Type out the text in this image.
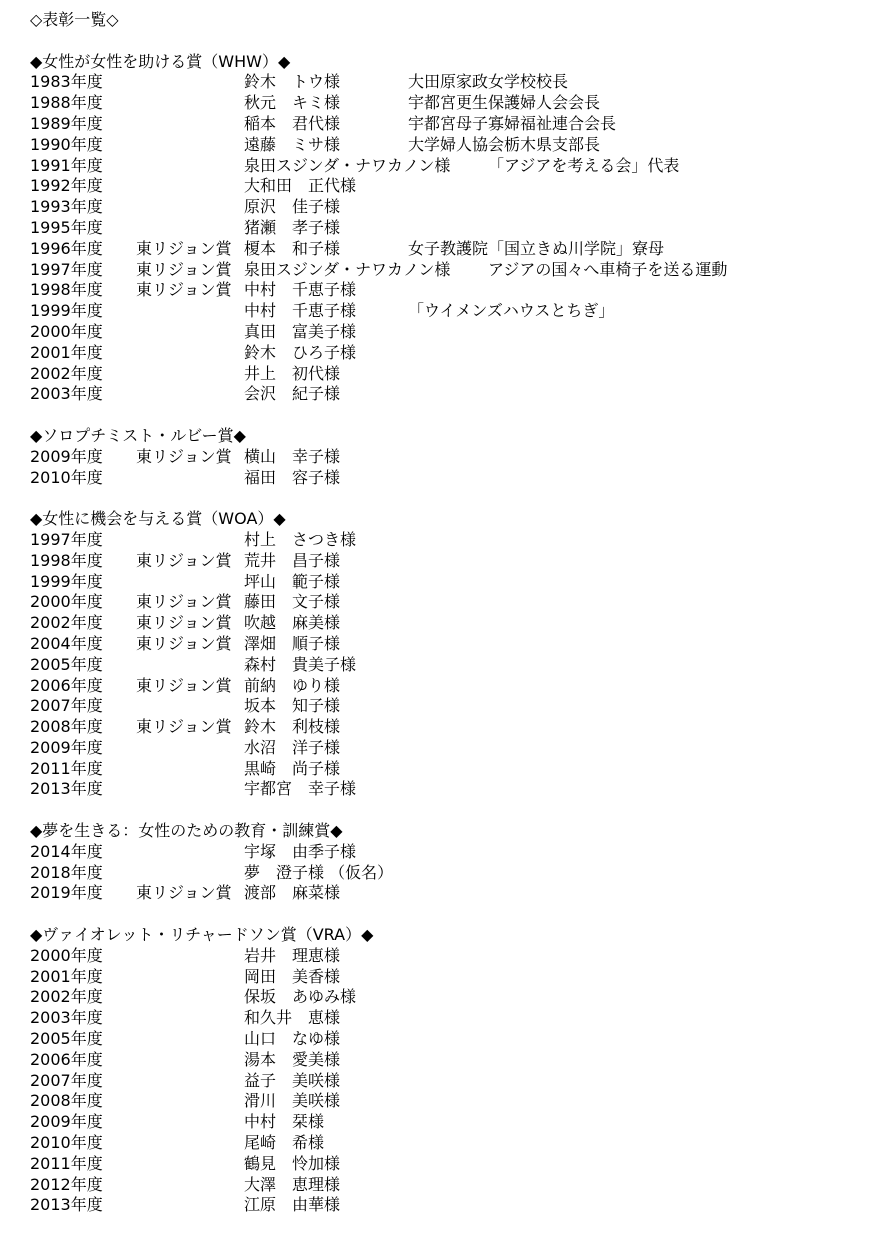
◇表彰一覧◇
◆女性が女性を助ける賞（WHW）◆
1983年度	鈴木　トウ様	大田原家政女学校校長
1988年度	秋元　キミ様	宇都宮更生保護婦人会会長
1989年度	稲本　君代様	宇都宮母子寡婦福祉連合会長
1990年度	遠藤　ミサ様	大学婦人協会栃木県支部長
1991年度	泉田スジンダ・ナワカノン様 「アジアを考える会」代表
1992年度	大和田　正代様
1993年度	原沢　佳子様
1995年度	猪瀬　孝子様
1996年度 東リジョン賞 榎本　和子様	女子教護院「国立きぬ川学院」寮母
1997年度 東リジョン賞 泉田スジンダ・ナワカノン様 アジアの国々へ車椅子を送る運動
1998年度 東リジョン賞 中村　千恵子様
1999年度	中村　千恵子様	「ウイメンズハウスとちぎ」
2000年度	真田　富美子様
2001年度	鈴木　ひろ子様
2002年度	井上　初代様
2003年度	会沢　紀子様
◆ソロプチミスト・ルビー賞◆
2009年度 東リジョン賞 横山　幸子様
2010年度	福田　容子様
◆女性に機会を与える賞（WOA）◆
1997年度	村上　さつき様
1998年度 東リジョン賞 荒井　昌子様
1999年度	坪山　範子様
2000年度 東リジョン賞 藤田　文子様
2002年度 東リジョン賞 吹越　麻美様
2004年度 東リジョン賞 澤畑　順子様
2005年度	森村　貴美子様
2006年度 東リジョン賞 前納　ゆり様
2007年度	坂本　知子様
2008年度 東リジョン賞 鈴木　利枝様
2009年度	水沼　洋子様
2011年度	黒崎　尚子様
2013年度	宇都宮　幸子様
◆夢を生きる：女性のための教育・訓練賞◆
2014年度	宇塚　由季子様
2018年度	夢　澄子様 （仮名）
2019年度 東リジョン賞 渡部　麻菜様
◆ヴァイオレット・リチャードソン賞（VRA）◆
2000年度	岩井　理恵様
2001年度	岡田　美香様
2002年度	保坂　あゆみ様
2003年度	和久井　恵様
2005年度	山口　なゆ様
2006年度	湯本　愛美様
2007年度	益子　美咲様
2008年度	滑川　美咲様
2009年度	中村　栞様
2010年度	尾崎　希様
2011年度	鶴見　怜加様
2012年度	大澤　恵理様
2013年度	江原　由華様
